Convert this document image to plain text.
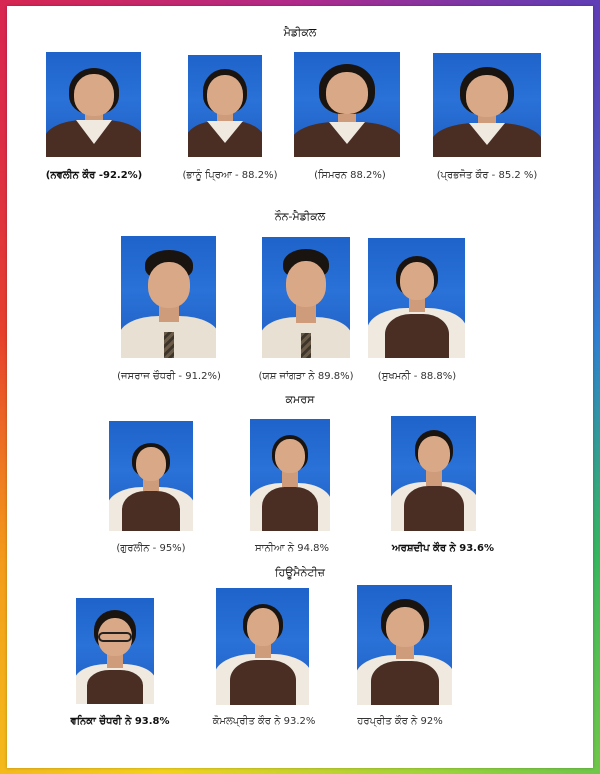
ਮੈਡੀਕਲ
(ਨਵਲੀਨ ਕੌਰ -92.2%)	(ਭਾਨੂੰ ਪ੍ਰਿਆ - 88.2%)	(ਸਿਮਰਨ 88.2%)	(ਪ੍ਰਭਜੋਤ ਕੌਰ - 85.2 %)
ਨੌਨ-ਮੈਡੀਕਲ
(ਜਸਰਾਜ ਚੌਧਰੀ - 91.2%)	(ਯਸ਼ ਜਾਂਗੜਾ ਨੇ 89.8%)	(ਸੁਖਮਨੀ - 88.8%)
ਕਮਰਸ
(ਗੁਰਲੀਨ - 95%)	ਸਾਨੀਆ ਨੇ 94.8%	ਅਰਸ਼ਦੀਪ ਕੌਰ ਨੇ 93.6%
ਹਿਊਮੈਨੇਟੀਜ਼
ਵਨਿਕਾ ਚੌਧਰੀ ਨੇ 93.8%	ਕੋਮਲਪ੍ਰੀਤ ਕੌਰ ਨੇ 93.2%	ਹਰਪ੍ਰੀਤ ਕੌਰ ਨੇ 92%
